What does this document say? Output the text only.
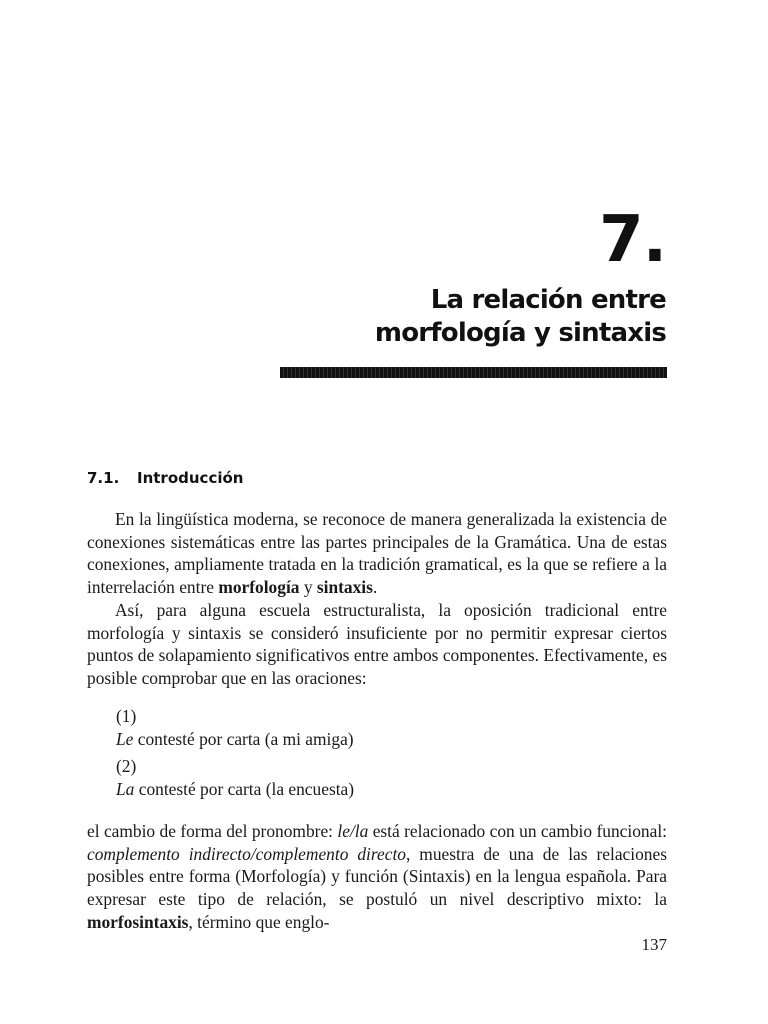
7.
La relación entre
morfología y sintaxis
7.1. Introducción

En la lingüística moderna, se reconoce de manera generalizada la existencia de conexiones sistemáticas entre las partes principales de la Gramática. Una de estas conexiones, ampliamente tratada en la tradición gramatical, es la que se refiere a la interrelación entre morfología y sintaxis.

Así, para alguna escuela estructuralista, la oposición tradicional entre morfología y sintaxis se consideró insuficiente por no permitir expresar ciertos puntos de solapamiento significativos entre ambos componentes. Efectivamente, es posible comprobar que en las oraciones:

(1)
Le contesté por carta (a mi amiga)
(2)
La contesté por carta (la encuesta)

el cambio de forma del pronombre: le/la está relacionado con un cambio funcional: complemento indirecto/complemento directo, muestra de una de las relaciones posibles entre forma (Morfología) y función (Sintaxis) en la lengua española. Para expresar este tipo de relación, se postuló un nivel descriptivo mixto: la morfosintaxis, término que englo-

137
